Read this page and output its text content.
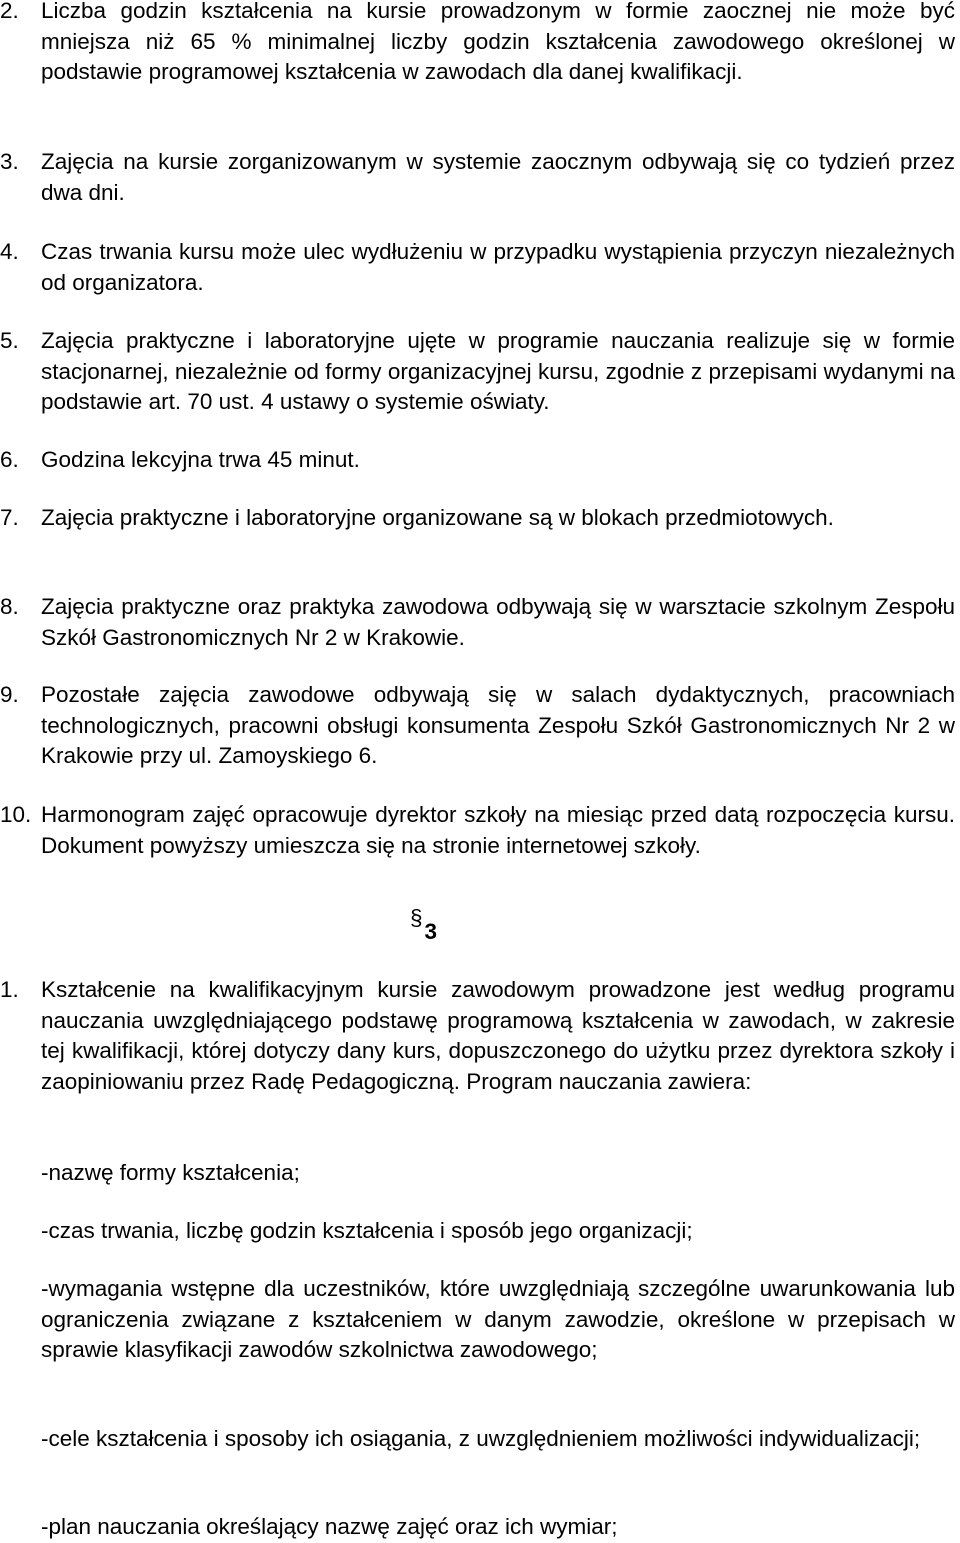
2. Liczba godzin kształcenia na kursie prowadzonym w formie zaocznej nie może być mniejsza niż 65 % minimalnej liczby godzin kształcenia zawodowego określonej w podstawie programowej kształcenia w zawodach dla danej kwalifikacji.
3. Zajęcia na kursie zorganizowanym w systemie zaocznym odbywają się co tydzień przez dwa dni.
4. Czas trwania kursu może ulec wydłużeniu w przypadku wystąpienia przyczyn niezależnych od organizatora.
5. Zajęcia praktyczne i laboratoryjne ujęte w programie nauczania realizuje się w formie stacjonarnej, niezależnie od formy organizacyjnej kursu, zgodnie z przepisami wydanymi na podstawie art. 70 ust. 4 ustawy o systemie oświaty.
6. Godzina lekcyjna trwa 45 minut.
7. Zajęcia praktyczne i laboratoryjne organizowane są w blokach przedmiotowych.
8. Zajęcia praktyczne oraz praktyka zawodowa odbywają się w warsztacie szkolnym Zespołu Szkół Gastronomicznych Nr 2 w Krakowie.
9. Pozostałe zajęcia zawodowe odbywają się w salach dydaktycznych, pracowniach technologicznych, pracowni obsługi konsumenta Zespołu Szkół Gastronomicznych Nr 2 w Krakowie przy ul. Zamoyskiego 6.
10. Harmonogram zajęć opracowuje dyrektor szkoły na miesiąc przed datą rozpoczęcia kursu. Dokument powyższy umieszcza się na stronie internetowej szkoły.
§3
1. Kształcenie na kwalifikacyjnym kursie zawodowym prowadzone jest według programu nauczania uwzględniającego podstawę programową kształcenia w zawodach, w zakresie tej kwalifikacji, której dotyczy dany kurs, dopuszczonego do użytku przez dyrektora szkoły i zaopiniowaniu przez Radę Pedagogiczną. Program nauczania zawiera:
-nazwę formy kształcenia;
-czas trwania, liczbę godzin kształcenia i sposób jego organizacji;
-wymagania wstępne dla uczestników, które uwzględniają szczególne uwarunkowania lub ograniczenia związane z kształceniem w danym zawodzie, określone w przepisach w sprawie klasyfikacji zawodów szkolnictwa zawodowego;
-cele kształcenia i sposoby ich osiągania, z uwzględnieniem możliwości indywidualizacji;
-plan nauczania określający nazwę zajęć oraz ich wymiar;
